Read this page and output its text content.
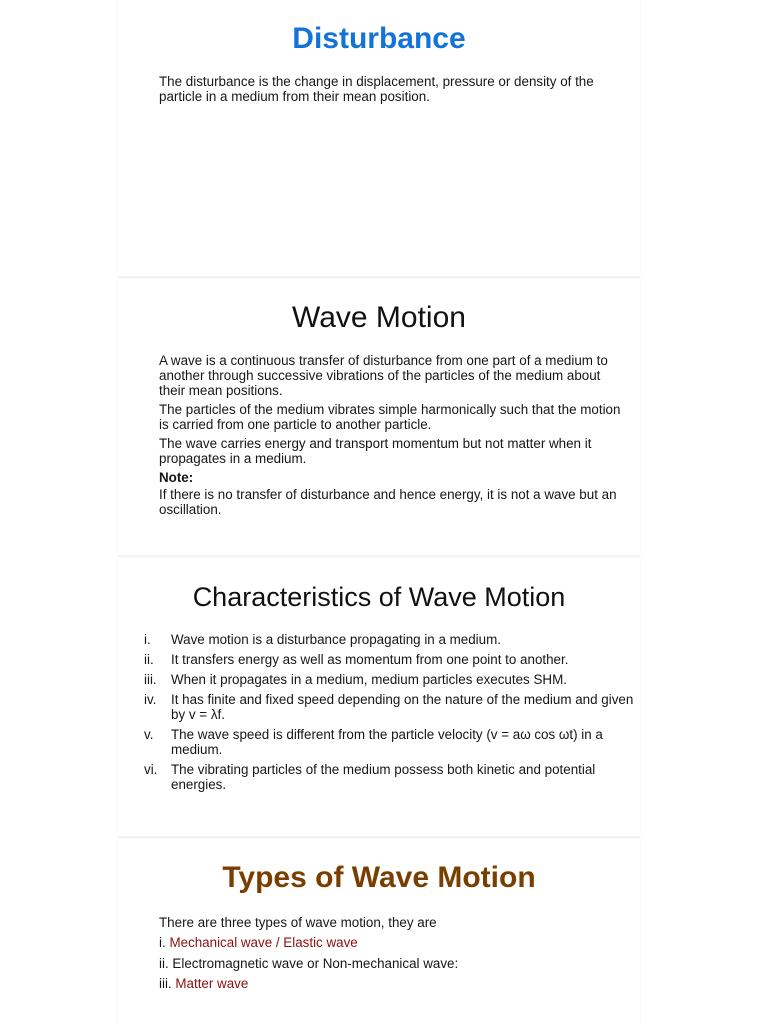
Disturbance

The disturbance is the change in displacement, pressure or density of the particle in a medium from their mean position.

Wave Motion

A wave is a continuous transfer of disturbance from one part of a medium to another through successive vibrations of the particles of the medium about their mean positions.

The particles of the medium vibrates simple harmonically such that the motion is carried from one particle to another particle.

The wave carries energy and transport momentum but not matter when it propagates in a medium.

Note:

If there is no transfer of disturbance and hence energy, it is not a wave but an oscillation.

Characteristics of Wave Motion
i. Wave motion is a disturbance propagating in a medium.
ii. It transfers energy as well as momentum from one point to another.
iii. When it propagates in a medium, medium particles executes SHM.
iv. It has finite and fixed speed depending on the nature of the medium and given by v = λf.
v. The wave speed is different from the particle velocity (v = aω cos ωt) in a medium.
vi. The vibrating particles of the medium possess both kinetic and potential energies.
Types of Wave Motion
There are three types of wave motion, they are
i. Mechanical wave / Elastic wave
ii. Electromagnetic wave or Non-mechanical wave:
iii. Matter wave
